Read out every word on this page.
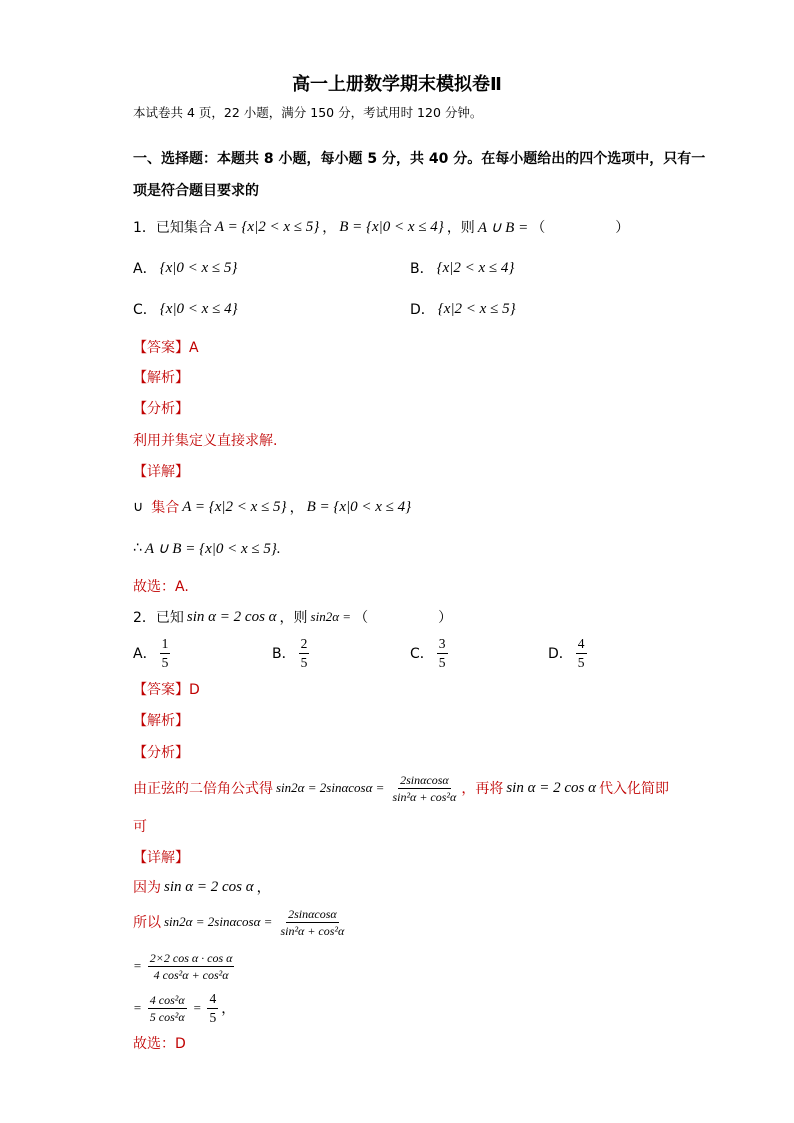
高一上册数学期末模拟卷Ⅱ
本试卷共 4 页，22 小题，满分 150 分，考试用时 120 分钟。
一、选择题：本题共 8 小题，每小题 5 分，共 40 分。在每小题给出的四个选项中，只有一
项是符合题目要求的
1．已知集合 A = {x|2 < x ≤ 5} ， B = {x|0 < x ≤ 4} ，则 A ∪ B = （　　　　　）
A． {x|0 < x ≤ 5}	B． {x|2 < x ≤ 4}
C． {x|0 < x ≤ 4}	D． {x|2 < x ≤ 5}
【答案】A
【解析】
【分析】
利用并集定义直接求解.
【详解】
∪ 集合 A = {x|2 < x ≤ 5} ， B = {x|0 < x ≤ 4}
∴ A ∪ B = {x|0 < x ≤ 5}.
故选：A.
2．已知 sin α = 2 cos α ，则 sin2α = （　　　　　）
A． $\frac{1}{5}$	B． $\frac{2}{5}$	C． $\frac{3}{5}$	D． $\frac{4}{5}$
【答案】D
【解析】
【分析】
由正弦的二倍角公式得 $\sin 2\alpha = 2\sin\alpha\cos\alpha = \frac{2\sin\alpha\cos\alpha}{\text{sin²α + cos²α}}$ ，再将 sin α = 2 cos α 代入化简即
可
【详解】
因为 sin α = 2 cos α ，
所以 $\sin 2\alpha = 2\sin\alpha\cos\alpha = \frac{2\sin\alpha\cos\alpha}{\text{sin²α + cos²α}}$
= $\frac{\text{2×2 cos α · cos α}}{\text{4 cos²α + cos²α}}$
= $\frac{\text{4 cos²α}}{\text{5 cos²α}} = \frac{4}{5}$ ，
故选：D
